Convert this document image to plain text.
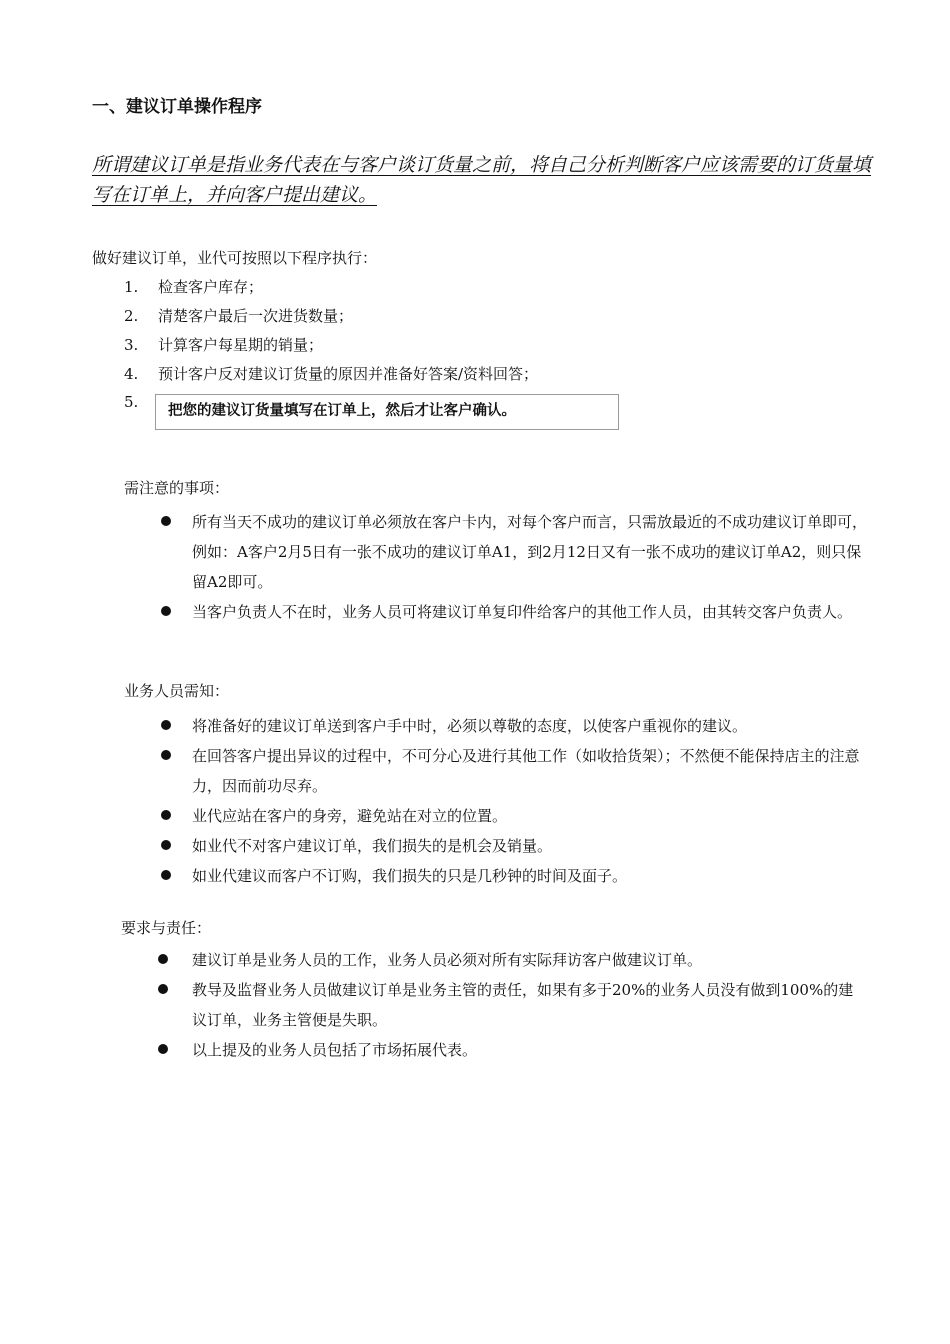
一、建议订单操作程序
所谓建议订单是指业务代表在与客户谈订货量之前，将自己分析判断客户应该需要的订货量填写在订单上，并向客户提出建议。
做好建议订单，业代可按照以下程序执行：
1.	检查客户库存；
2.	清楚客户最后一次进货数量；
3.	计算客户每星期的销量；
4.	预计客户反对建议订货量的原因并准备好答案/资料回答；
5.	把您的建议订货量填写在订单上，然后才让客户确认。
需注意的事项：
所有当天不成功的建议订单必须放在客户卡内，对每个客户而言，只需放最近的不成功建议订单即可，例如：A客户2月5日有一张不成功的建议订单A1，到2月12日又有一张不成功的建议订单A2，则只保留A2即可。
当客户负责人不在时，业务人员可将建议订单复印件给客户的其他工作人员，由其转交客户负责人。
业务人员需知：
将准备好的建议订单送到客户手中时，必须以尊敬的态度，以使客户重视你的建议。
在回答客户提出异议的过程中，不可分心及进行其他工作（如收拾货架）；不然便不能保持店主的注意力，因而前功尽弃。
业代应站在客户的身旁，避免站在对立的位置。
如业代不对客户建议订单，我们损失的是机会及销量。
如业代建议而客户不订购，我们损失的只是几秒钟的时间及面子。
要求与责任：
建议订单是业务人员的工作，业务人员必须对所有实际拜访客户做建议订单。
教导及监督业务人员做建议订单是业务主管的责任，如果有多于20%的业务人员没有做到100%的建议订单，业务主管便是失职。
以上提及的业务人员包括了市场拓展代表。
